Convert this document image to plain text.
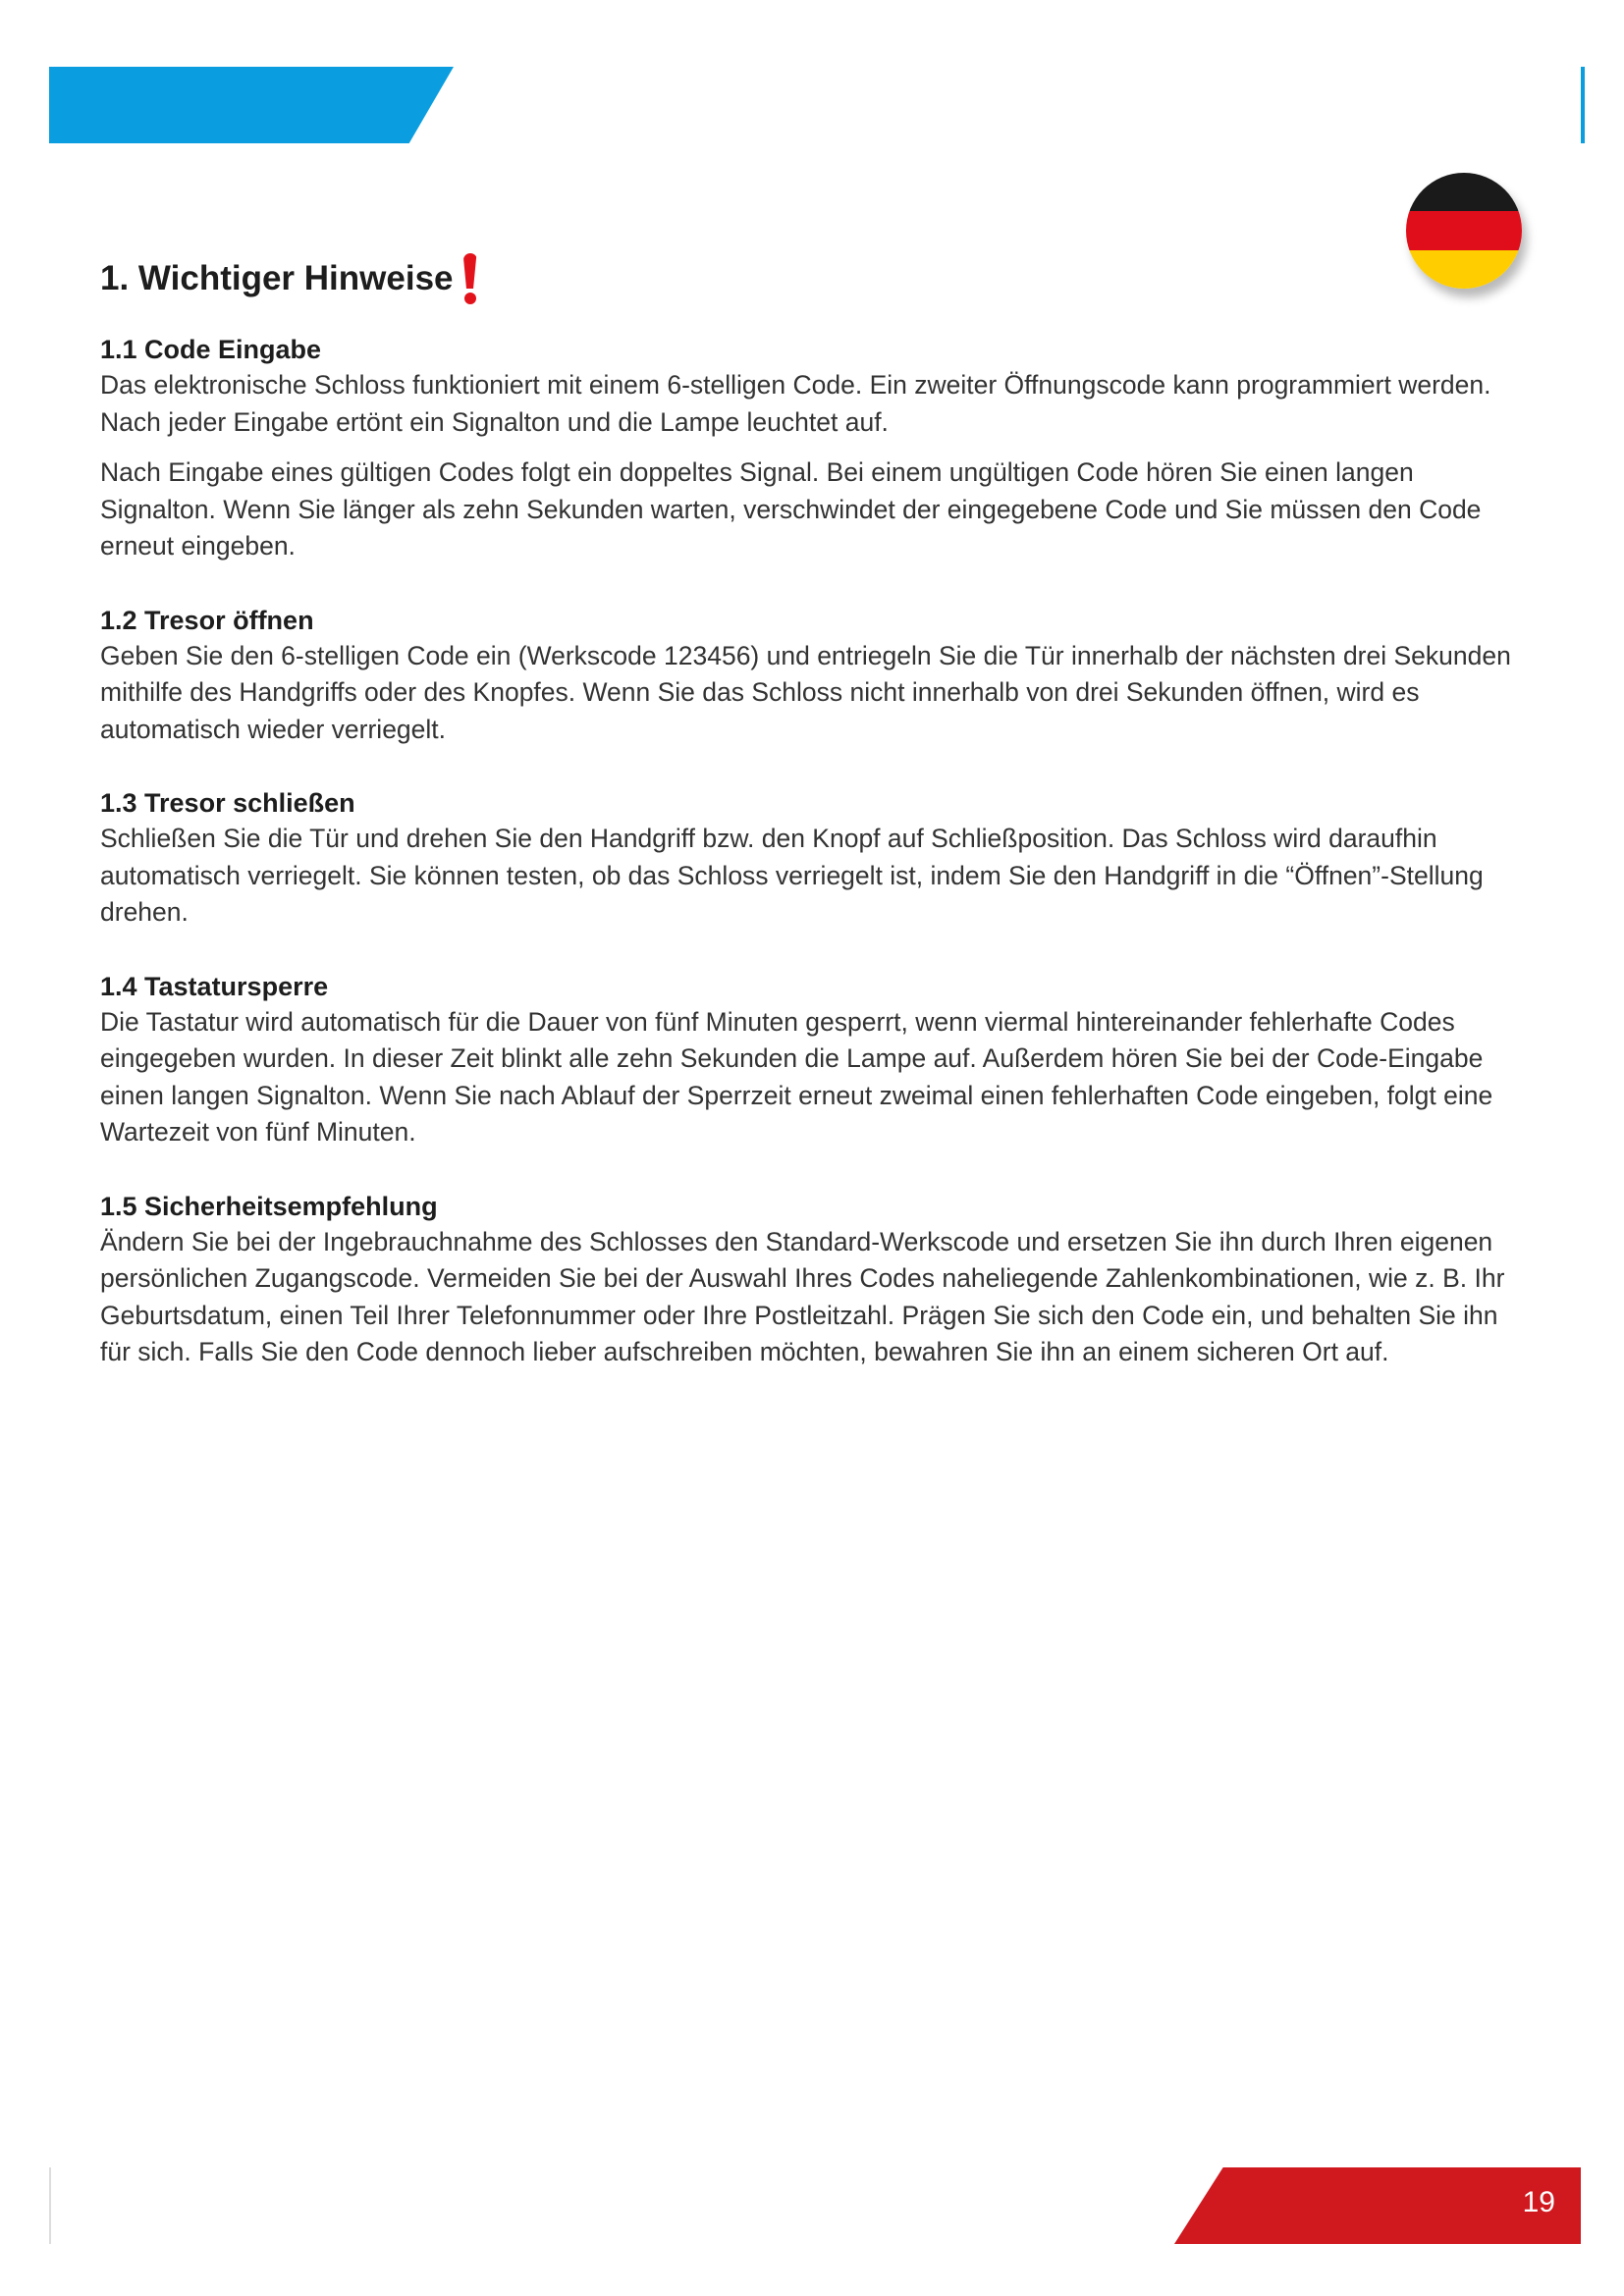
1. Wichtiger Hinweise
1.1 Code Eingabe

Das elektronische Schloss funktioniert mit einem 6-stelligen Code. Ein zweiter Öffnungscode kann programmiert werden. Nach jeder Eingabe ertönt ein Signalton und die Lampe leuchtet auf.

Nach Eingabe eines gültigen Codes folgt ein doppeltes Signal. Bei einem ungültigen Code hören Sie einen langen Signalton. Wenn Sie länger als zehn Sekunden warten, verschwindet der eingegebene Code und Sie müssen den Code erneut eingeben.

1.2 Tresor öffnen

Geben Sie den 6-stelligen Code ein (Werkscode 123456) und entriegeln Sie die Tür innerhalb der nächsten drei Sekunden mithilfe des Handgriffs oder des Knopfes. Wenn Sie das Schloss nicht innerhalb von drei Sekunden öffnen, wird es automatisch wieder verriegelt.

1.3 Tresor schließen

Schließen Sie die Tür und drehen Sie den Handgriff bzw. den Knopf auf Schließposition. Das Schloss wird daraufhin automatisch verriegelt. Sie können testen, ob das Schloss verriegelt ist, indem Sie den Handgriff in die “Öffnen”-Stellung drehen.

1.4 Tastatursperre

Die Tastatur wird automatisch für die Dauer von fünf Minuten gesperrt, wenn viermal hintereinander fehlerhafte Codes eingegeben wurden. In dieser Zeit blinkt alle zehn Sekunden die Lampe auf. Außerdem hören Sie bei der Code-Eingabe einen langen Signalton. Wenn Sie nach Ablauf der Sperrzeit erneut zweimal einen fehlerhaften Code eingeben, folgt eine Wartezeit von fünf Minuten.

1.5 Sicherheitsempfehlung

Ändern Sie bei der Ingebrauchnahme des Schlosses den Standard-Werkscode und ersetzen Sie ihn durch Ihren eigenen persönlichen Zugangscode. Vermeiden Sie bei der Auswahl Ihres Codes naheliegende Zahlenkombinationen, wie z. B. Ihr Geburtsdatum, einen Teil Ihrer Telefonnummer oder Ihre Postleitzahl. Prägen Sie sich den Code ein, und behalten Sie ihn für sich. Falls Sie den Code dennoch lieber aufschreiben möchten, bewahren Sie ihn an einem sicheren Ort auf.

19
